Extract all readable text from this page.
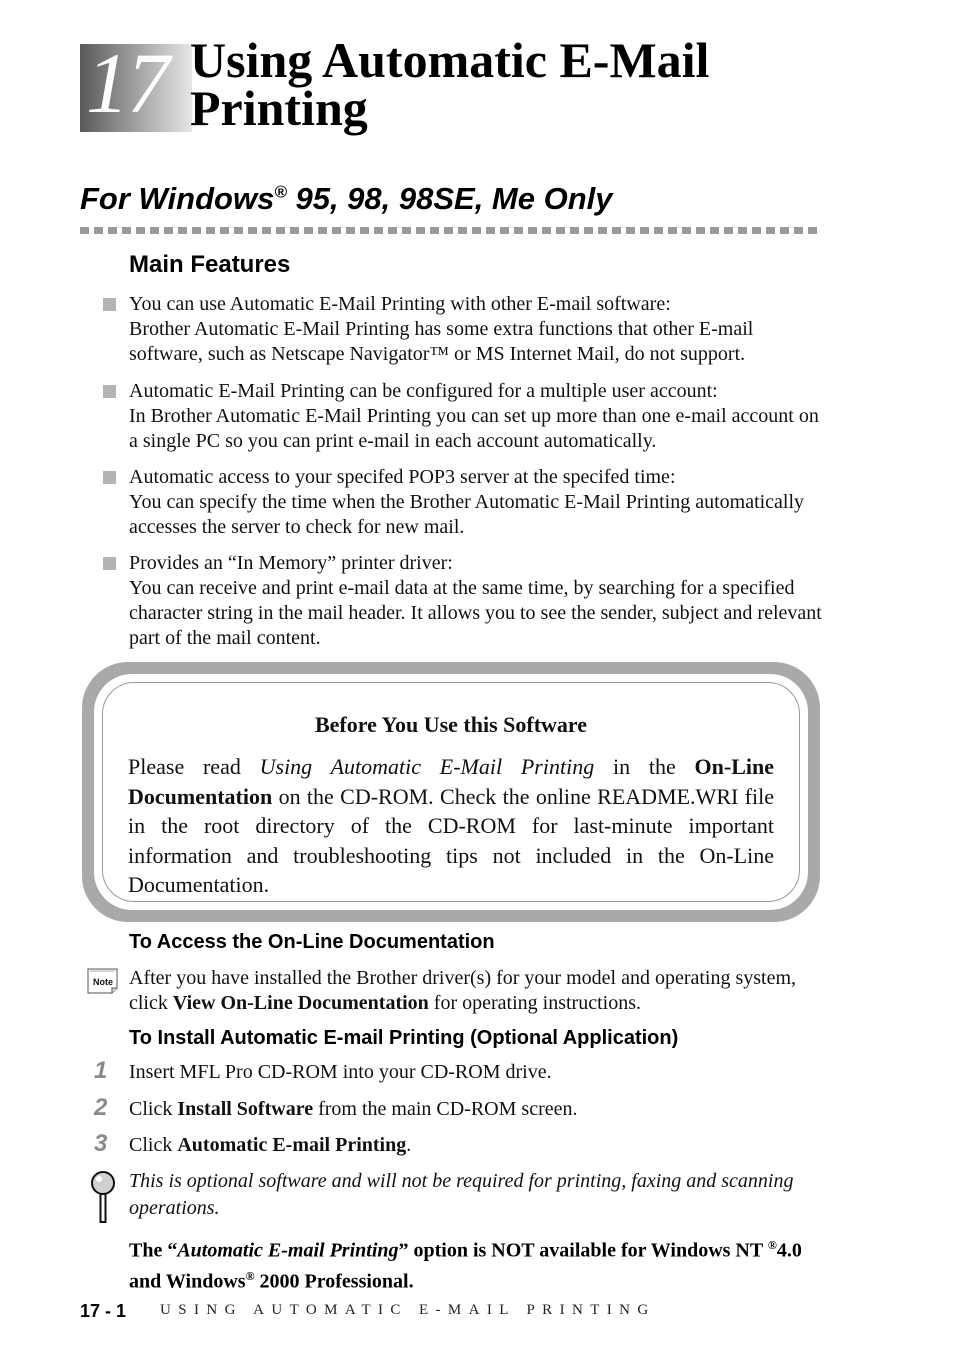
17 Using Automatic E-Mail
Printing
For Windows® 95, 98, 98SE, Me Only
Main Features
You can use Automatic E-Mail Printing with other E-mail software:
Brother Automatic E-Mail Printing has some extra functions that other E-mail software, such as Netscape Navigator™ or MS Internet Mail, do not support.
Automatic E-Mail Printing can be configured for a multiple user account:
In Brother Automatic E-Mail Printing you can set up more than one e-mail account on a single PC so you can print e-mail in each account automatically.
Automatic access to your specifed POP3 server at the specifed time:
You can specify the time when the Brother Automatic E-Mail Printing automatically accesses the server to check for new mail.
Provides an “In Memory” printer driver:
You can receive and print e-mail data at the same time, by searching for a specified character string in the mail header. It allows you to see the sender, subject and relevant part of the mail content.
Before You Use this Software
Please read Using Automatic E-Mail Printing in the On-Line Documentation on the CD-ROM. Check the online README.WRI file in the root directory of the CD-ROM for last-minute important information and troubleshooting tips not included in the On-Line Documentation.
To Access the On-Line Documentation
Note After you have installed the Brother driver(s) for your model and operating system, click View On-Line Documentation for operating instructions.
To Install Automatic E-mail Printing (Optional Application)
1 Insert MFL Pro CD-ROM into your CD-ROM drive.
2 Click Install Software from the main CD-ROM screen.
3 Click Automatic E-mail Printing.
This is optional software and will not be required for printing, faxing and scanning operations.
The “Automatic E-mail Printing” option is NOT available for Windows NT ®4.0 and Windows® 2000 Professional.
17 - 1 USING AUTOMATIC E-MAIL PRINTING
